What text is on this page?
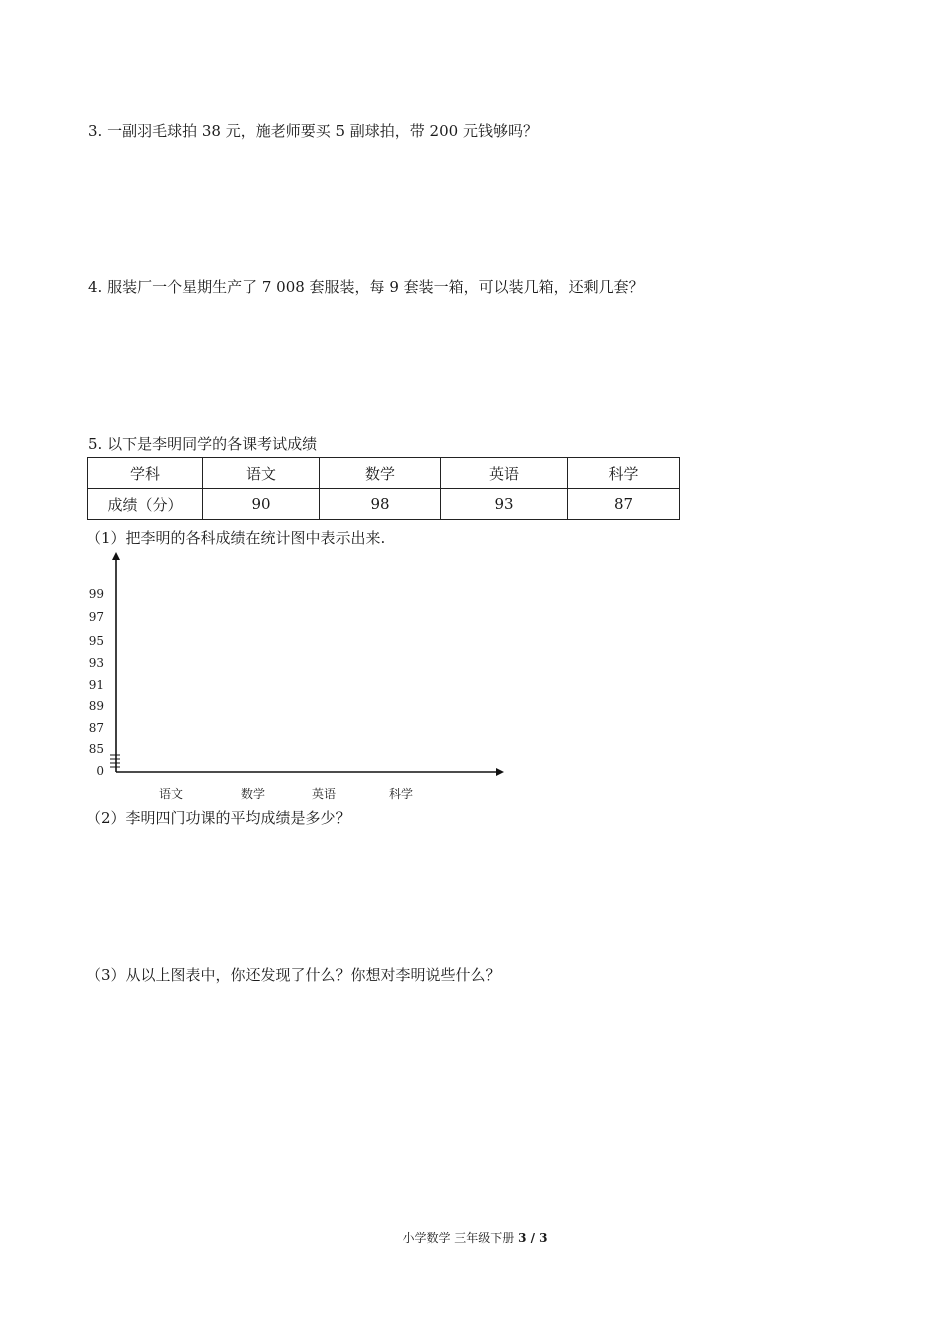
3. 一副羽毛球拍 38 元，施老师要买 5 副球拍，带 200 元钱够吗？
4. 服装厂一个星期生产了 7 008 套服装，每 9 套装一箱，可以装几箱，还剩几套？
5. 以下是李明同学的各课考试成绩
学科	语文	数学	英语	科学
成绩（分）	90	98	93	87
（1）把李明的各科成绩在统计图中表示出来.
0
85
87
89
91
93
95
97
99
语文	数学	英语	科学
（2）李明四门功课的平均成绩是多少？
（3）从以上图表中，你还发现了什么？你想对李明说些什么？
小学数学 三年级下册 3 / 3
